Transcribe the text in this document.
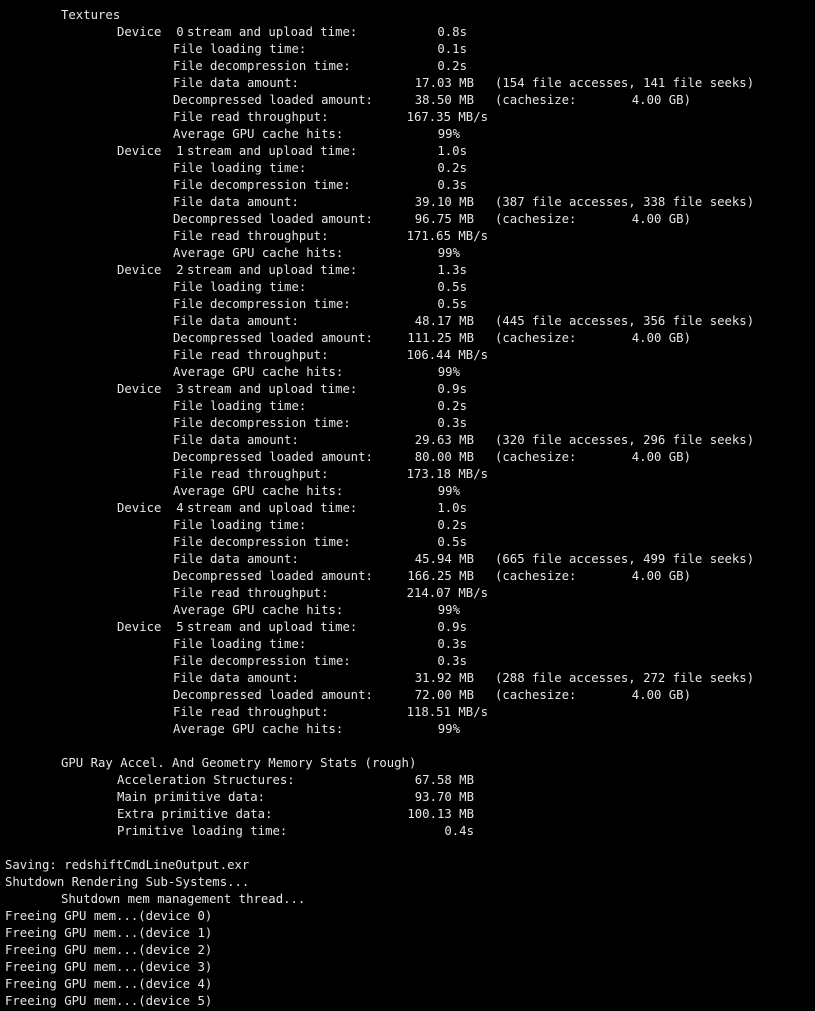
Textures
Device  0 stream and upload time:	0.8s
File loading time:	0.1s
File decompression time:	0.2s
File data amount:	17.03 MB (154 file accesses, 141 file seeks)
Decompressed loaded amount:	38.50 MB (cachesize:	4.00 GB)
File read throughput:	167.35 MB/s
Average GPU cache hits:	99%
Device  1 stream and upload time:	1.0s
File loading time:	0.2s
File decompression time:	0.3s
File data amount:	39.10 MB (387 file accesses, 338 file seeks)
Decompressed loaded amount:	96.75 MB (cachesize:	4.00 GB)
File read throughput:	171.65 MB/s
Average GPU cache hits:	99%
Device  2 stream and upload time:	1.3s
File loading time:	0.5s
File decompression time:	0.5s
File data amount:	48.17 MB (445 file accesses, 356 file seeks)
Decompressed loaded amount:	111.25 MB (cachesize:	4.00 GB)
File read throughput:	106.44 MB/s
Average GPU cache hits:	99%
Device  3 stream and upload time:	0.9s
File loading time:	0.2s
File decompression time:	0.3s
File data amount:	29.63 MB (320 file accesses, 296 file seeks)
Decompressed loaded amount:	80.00 MB (cachesize:	4.00 GB)
File read throughput:	173.18 MB/s
Average GPU cache hits:	99%
Device  4 stream and upload time:	1.0s
File loading time:	0.2s
File decompression time:	0.5s
File data amount:	45.94 MB (665 file accesses, 499 file seeks)
Decompressed loaded amount:	166.25 MB (cachesize:	4.00 GB)
File read throughput:	214.07 MB/s
Average GPU cache hits:	99%
Device  5 stream and upload time:	0.9s
File loading time:	0.3s
File decompression time:	0.3s
File data amount:	31.92 MB (288 file accesses, 272 file seeks)
Decompressed loaded amount:	72.00 MB (cachesize:	4.00 GB)
File read throughput:	118.51 MB/s
Average GPU cache hits:	99%
GPU Ray Accel. And Geometry Memory Stats (rough)
Acceleration Structures:	67.58 MB
Main primitive data:	93.70 MB
Extra primitive data:	100.13 MB
Primitive loading time:	0.4s
Saving: redshiftCmdLineOutput.exr
Shutdown Rendering Sub-Systems...
Shutdown mem management thread...
Freeing GPU mem...(device 0)
Freeing GPU mem...(device 1)
Freeing GPU mem...(device 2)
Freeing GPU mem...(device 3)
Freeing GPU mem...(device 4)
Freeing GPU mem...(device 5)
